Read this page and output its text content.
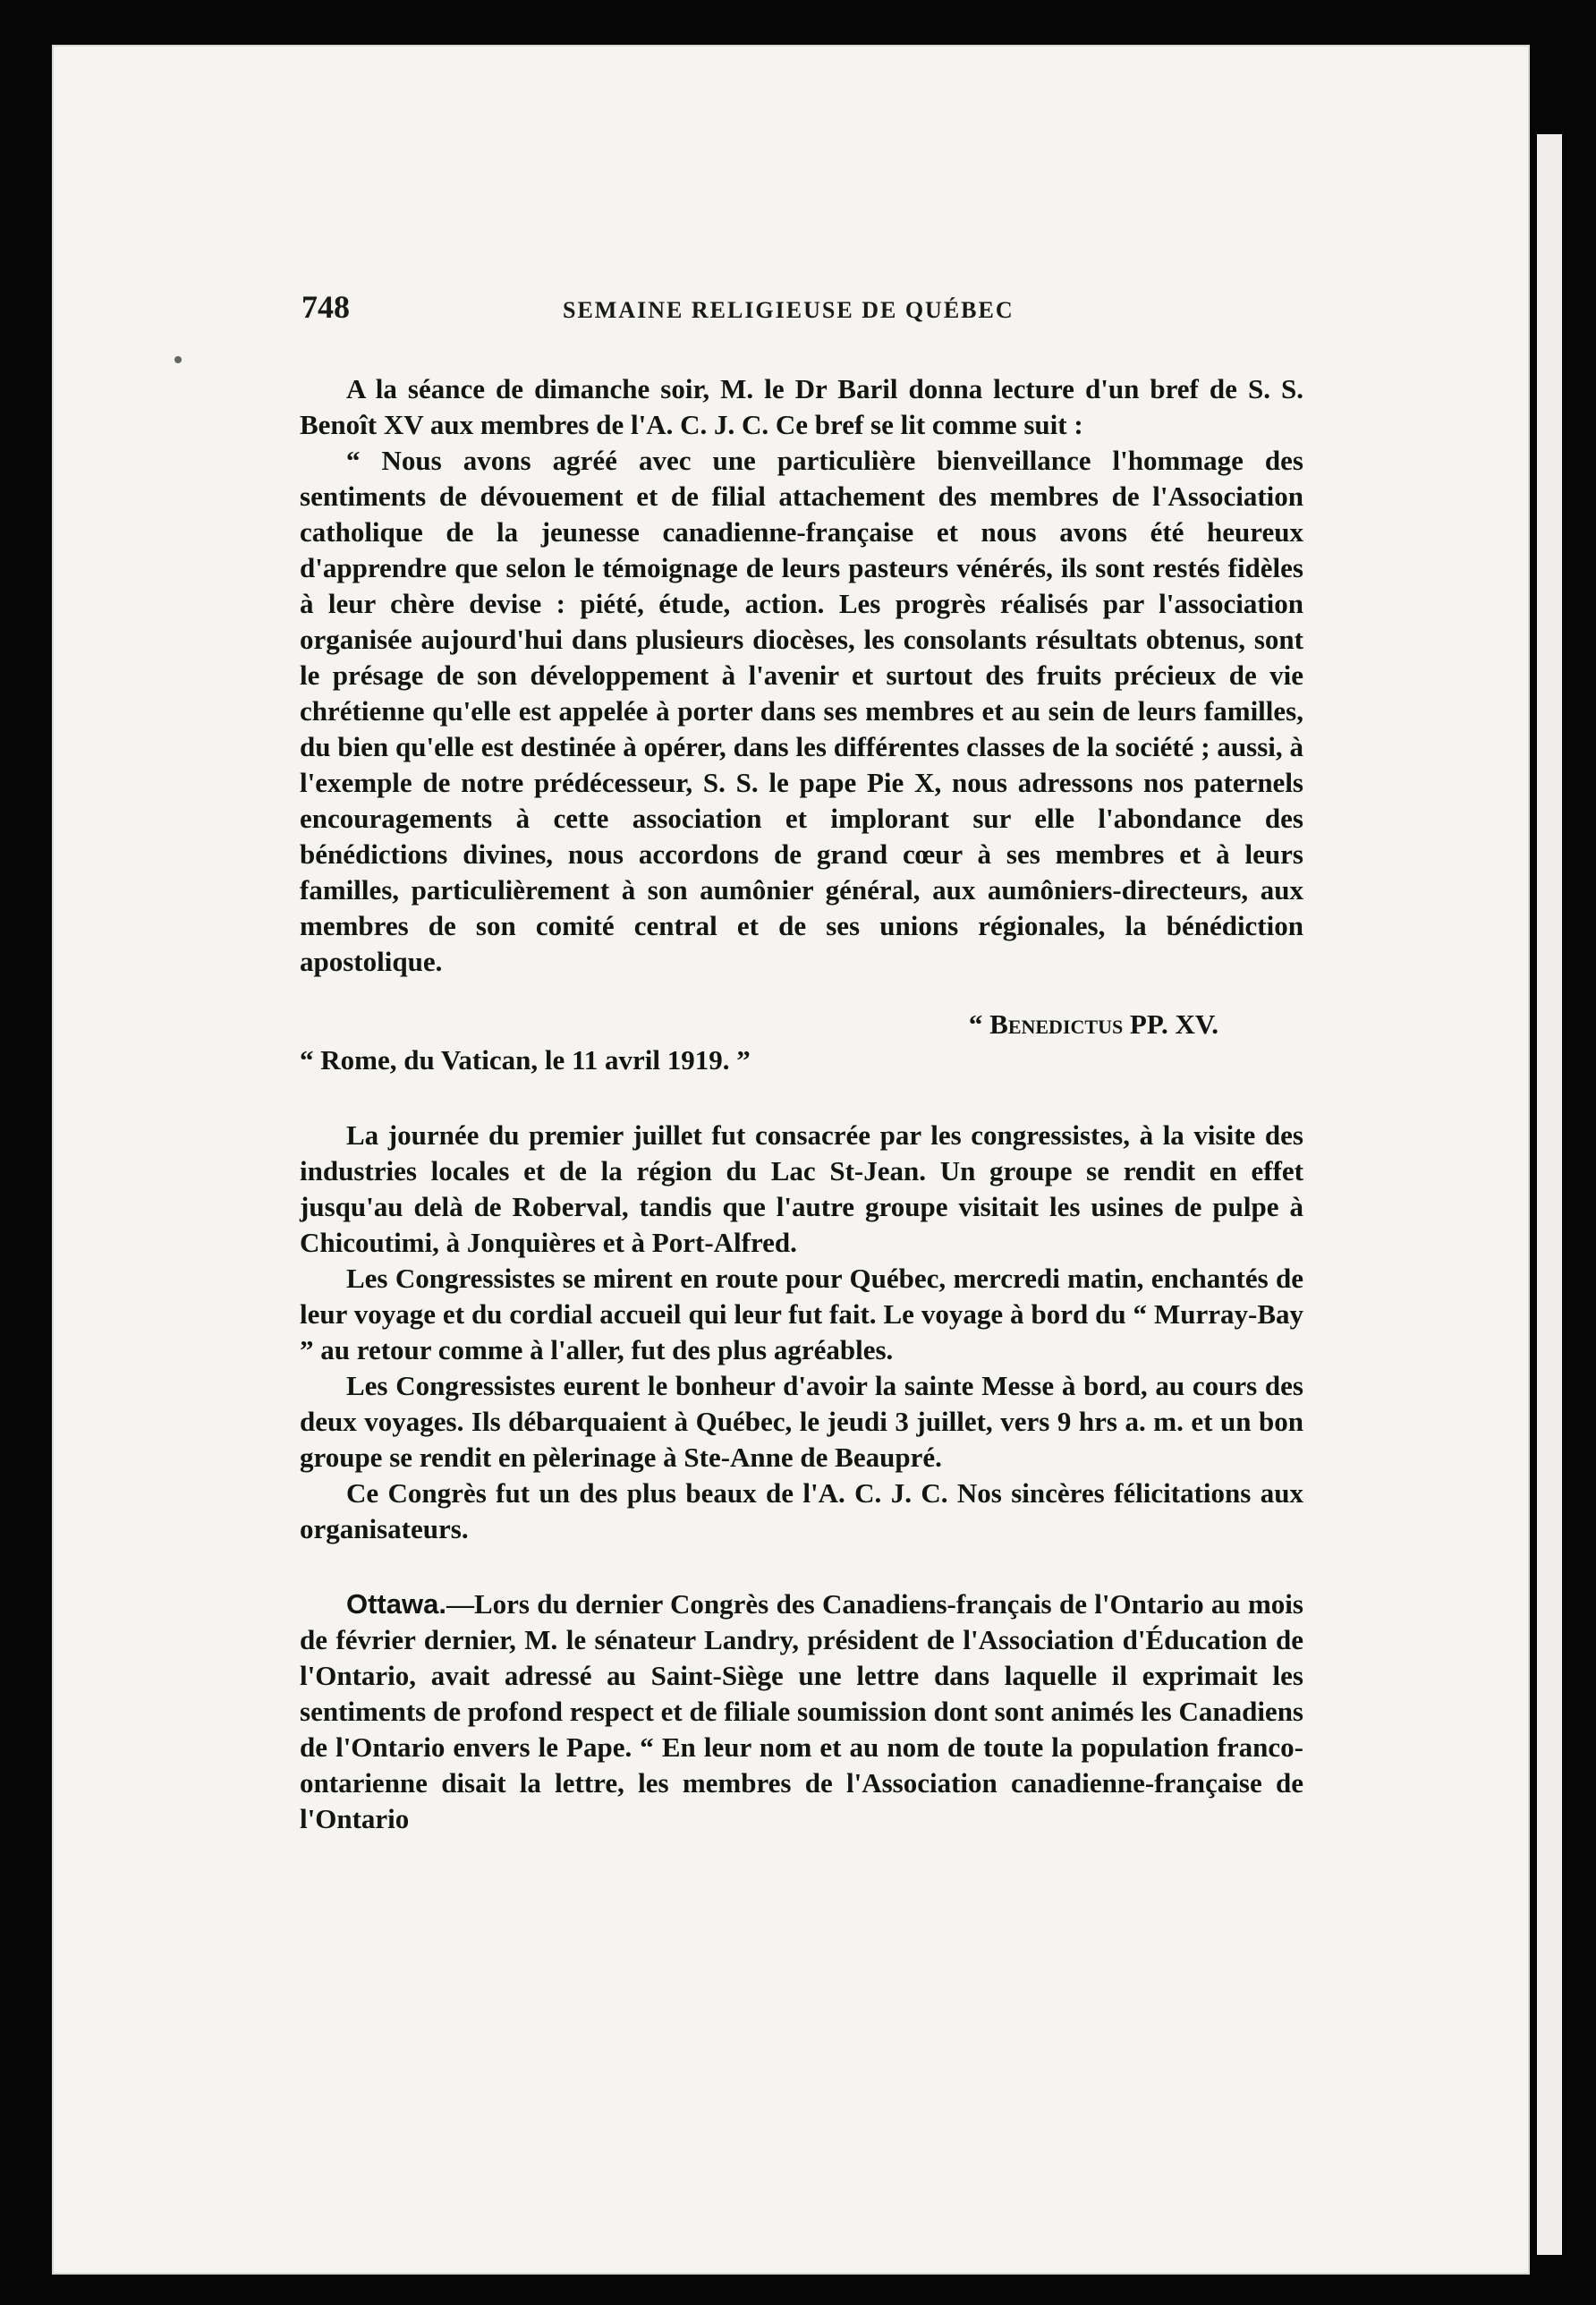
748	SEMAINE RELIGIEUSE DE QUÉBEC

A la séance de dimanche soir, M. le Dr Baril donna lecture d'un bref de S. S. Benoît XV aux membres de l'A. C. J. C. Ce bref se lit comme suit :

“ Nous avons agréé avec une particulière bienveillance l'hommage des sentiments de dévouement et de filial attachement des membres de l'Association catholique de la jeunesse canadienne-française et nous avons été heureux d'apprendre que selon le témoignage de leurs pasteurs vénérés, ils sont restés fidèles à leur chère devise : piété, étude, action. Les progrès réalisés par l'association organisée aujourd'hui dans plusieurs diocèses, les consolants résultats obtenus, sont le présage de son développement à l'avenir et surtout des fruits précieux de vie chrétienne qu'elle est appelée à porter dans ses membres et au sein de leurs familles, du bien qu'elle est destinée à opérer, dans les différentes classes de la société ; aussi, à l'exemple de notre prédécesseur, S. S. le pape Pie X, nous adressons nos paternels encouragements à cette association et implorant sur elle l'abondance des bénédictions divines, nous accordons de grand cœur à ses membres et à leurs familles, particulièrement à son aumônier général, aux aumôniers-directeurs, aux membres de son comité central et de ses unions régionales, la bénédiction apostolique.

“ Benedictus PP. XV.

“ Rome, du Vatican, le 11 avril 1919. ”

La journée du premier juillet fut consacrée par les congressistes, à la visite des industries locales et de la région du Lac St-Jean. Un groupe se rendit en effet jusqu'au delà de Roberval, tandis que l'autre groupe visitait les usines de pulpe à Chicoutimi, à Jonquières et à Port-Alfred.

Les Congressistes se mirent en route pour Québec, mercredi matin, enchantés de leur voyage et du cordial accueil qui leur fut fait. Le voyage à bord du “ Murray-Bay ” au retour comme à l'aller, fut des plus agréables.

Les Congressistes eurent le bonheur d'avoir la sainte Messe à bord, au cours des deux voyages. Ils débarquaient à Québec, le jeudi 3 juillet, vers 9 hrs a. m. et un bon groupe se rendit en pèlerinage à Ste-Anne de Beaupré.

Ce Congrès fut un des plus beaux de l'A. C. J. C. Nos sincères félicitations aux organisateurs.

Ottawa.—Lors du dernier Congrès des Canadiens-français de l'Ontario au mois de février dernier, M. le sénateur Landry, président de l'Association d'Éducation de l'Ontario, avait adressé au Saint-Siège une lettre dans laquelle il exprimait les sentiments de profond respect et de filiale soumission dont sont animés les Canadiens de l'Ontario envers le Pape. “ En leur nom et au nom de toute la population franco-ontarienne disait la lettre, les membres de l'Association canadienne-française de l'Ontario
